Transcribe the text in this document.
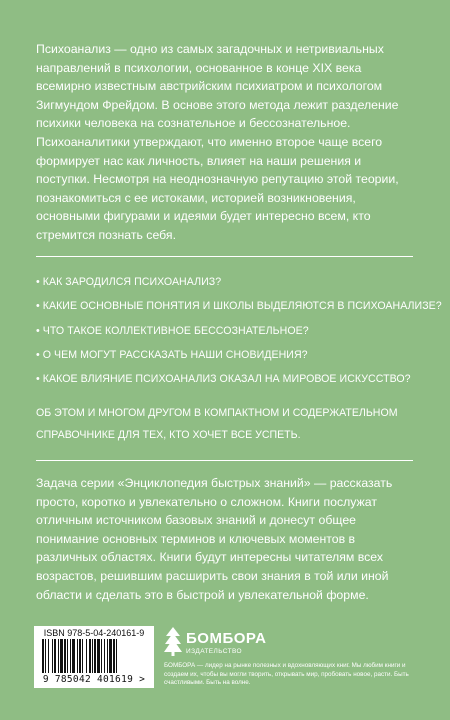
Психоанализ — одно из самых загадочных и нетривиальных направлений в психологии, основанное в конце XIX века всемирно известным австрийским психиатром и психологом Зигмундом Фрейдом. В основе этого метода лежит разделение психики человека на сознательное и бессознательное. Психоаналитики утверждают, что именно второе чаще всего формирует нас как личность, влияет на наши решения и поступки. Несмотря на неоднозначную репутацию этой теории, познакомиться с ее истоками, историей возникновения, основными фигурами и идеями будет интересно всем, кто стремится познать себя.

• КАК ЗАРОДИЛСЯ ПСИХОАНАЛИЗ?
• КАКИЕ ОСНОВНЫЕ ПОНЯТИЯ И ШКОЛЫ ВЫДЕЛЯЮТСЯ В ПСИХОАНАЛИЗЕ?
• ЧТО ТАКОЕ КОЛЛЕКТИВНОЕ БЕССОЗНАТЕЛЬНОЕ?
• О ЧЕМ МОГУТ РАССКАЗАТЬ НАШИ СНОВИДЕНИЯ?
• КАКОЕ ВЛИЯНИЕ ПСИХОАНАЛИЗ ОКАЗАЛ НА МИРОВОЕ ИСКУССТВО?

ОБ ЭТОМ И МНОГОМ ДРУГОМ В КОМПАКТНОМ И СОДЕРЖАТЕЛЬНОМ СПРАВОЧНИКЕ ДЛЯ ТЕХ, КТО ХОЧЕТ ВСЕ УСПЕТЬ.

Задача серии «Энциклопедия быстрых знаний» — рассказать просто, коротко и увлекательно о сложном. Книги послужат отличным источником базовых знаний и донесут общее понимание основных терминов и ключевых моментов в различных областях. Книги будут интересны читателям всех возрастов, решившим расширить свои знания в той или иной области и сделать это в быстрой и увлекательной форме.

ISBN 978-5-04-240161-9
9 785042 401619 >
БОМБОРА
ИЗДАТЕЛЬСТВО

БОМБОРА — лидер на рынке полезных и вдохновляющих книг. Мы любим книги и создаем их, чтобы вы могли творить, открывать мир, пробовать новое, расти. Быть счастливыми. Быть на волне.
